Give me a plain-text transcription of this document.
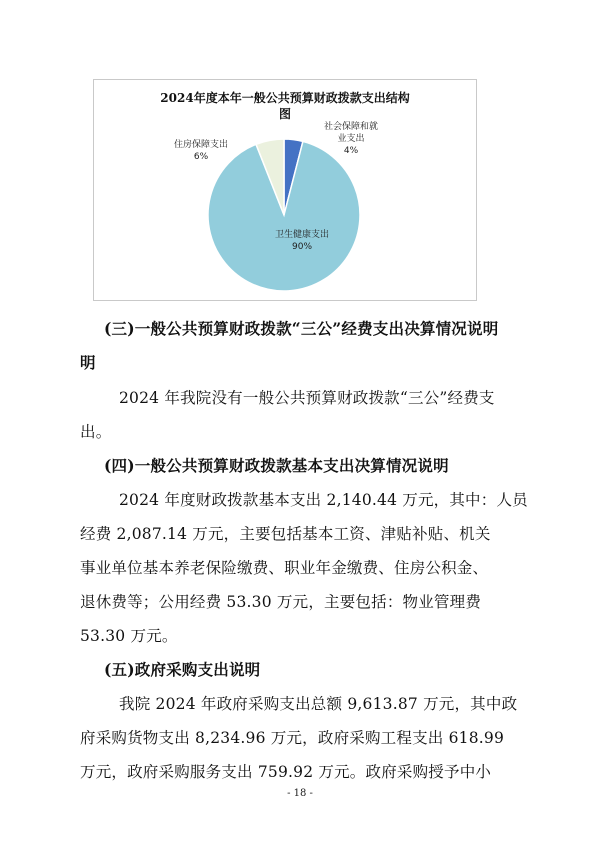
2024年度本年一般公共预算财政拨款支出结构
图
社会保障和就
业支出
4%
住房保障支出
6%
卫生健康支出
90%
(三)一般公共预算财政拨款“三公”经费支出决算情况说明
明
2024 年我院没有一般公共预算财政拨款“三公”经费支
出。
(四)一般公共预算财政拨款基本支出决算情况说明
2024 年度财政拨款基本支出 2,140.44 万元，其中：人员
经费 2,087.14 万元，主要包括基本工资、津贴补贴、机关
事业单位基本养老保险缴费、职业年金缴费、住房公积金、
退休费等；公用经费 53.30 万元，主要包括：物业管理费
53.30 万元。
(五)政府采购支出说明
我院 2024 年政府采购支出总额 9,613.87 万元，其中政
府采购货物支出 8,234.96 万元，政府采购工程支出 618.99
万元，政府采购服务支出 759.92 万元。政府采购授予中小
- 18 -
